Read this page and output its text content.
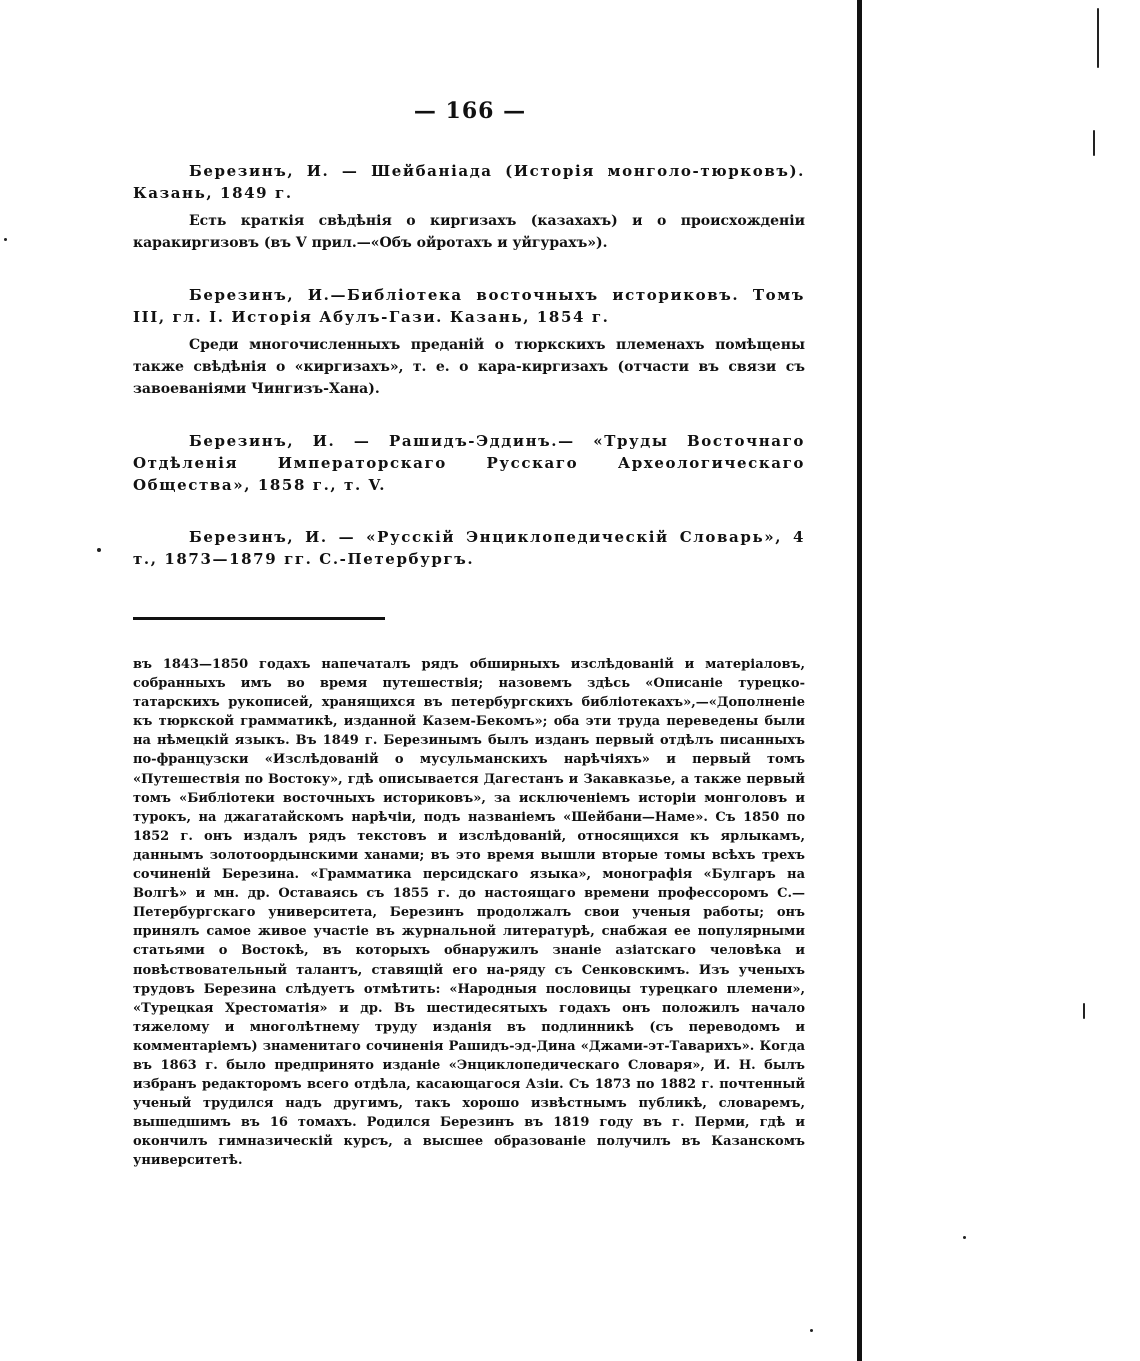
— 166 —

Березинъ, И. — Шейбаніада (Исторія монголо-тюрковъ). Казань, 1849 г.

Есть краткія свѣдѣнія о киргизахъ (казахахъ) и о происхожденіи каракиргизовъ (въ V прил.—«Объ ойротахъ и уйгурахъ»).

Березинъ, И.—Библіотека восточныхъ историковъ. Томъ III, гл. I. Исторія Абулъ-Гази. Казань, 1854 г.

Среди многочисленныхъ преданій о тюркскихъ племенахъ помѣщены также свѣдѣнія о «киргизахъ», т. е. о кара-киргизахъ (отчасти въ связи съ завоеваніями Чингизъ-Хана).

Березинъ, И. — Рашидъ-Эддинъ.— «Труды Восточнаго Отдѣленія Императорскаго Русскаго Археологическаго Общества», 1858 г., т. V.

Березинъ, И. — «Русскій Энциклопедическій Словарь», 4 т., 1873—1879 гг. С.-Петербургъ.

въ 1843—1850 годахъ напечаталъ рядъ обширныхъ изслѣдованій и матеріаловъ, собранныхъ имъ во время путешествія; назовемъ здѣсь «Описаніе турецко-татарскихъ рукописей, хранящихся въ петербургскихъ библіотекахъ»,—«Дополненіе къ тюркской грамматикѣ, изданной Казем-Бекомъ»; оба эти труда переведены были на нѣмецкій языкъ. Въ 1849 г. Березинымъ былъ изданъ первый отдѣлъ писанныхъ по-французски «Изслѣдованій о мусульманскихъ нарѣчіяхъ» и первый томъ «Путешествія по Востоку», гдѣ описывается Дагестанъ и Закавказье, а также первый томъ «Библіотеки восточныхъ историковъ», за исключеніемъ исторіи монголовъ и турокъ, на джагатайскомъ нарѣчіи, подъ названіемъ «Шейбани—Наме». Съ 1850 по 1852 г. онъ издалъ рядъ текстовъ и изслѣдованій, относящихся къ ярлыкамъ, даннымъ золотоордынскими ханами; въ это время вышли вторые томы всѣхъ трехъ сочиненій Березина. «Грамматика персидскаго языка», монографія «Булгаръ на Волгѣ» и мн. др. Оставаясь съ 1855 г. до настоящаго времени профессоромъ С.—Петербургскаго университета, Березинъ продолжалъ свои ученыя работы; онъ принялъ самое живое участіе въ журнальной литературѣ, снабжая ее популярными статьями о Востокѣ, въ которыхъ обнаружилъ знаніе азіатскаго человѣка и повѣствовательный талантъ, ставящій его на-ряду съ Сенковскимъ. Изъ ученыхъ трудовъ Березина слѣдуетъ отмѣтить: «Народныя пословицы турецкаго племени», «Турецкая Хрестоматія» и др. Въ шестидесятыхъ годахъ онъ положилъ начало тяжелому и многолѣтнему труду изданія въ подлинникѣ (съ переводомъ и комментаріемъ) знаменитаго сочиненія Рашидъ-эд-Дина «Джами-эт-Таварихъ». Когда въ 1863 г. было предпринято изданіе «Энциклопедическаго Словаря», И. Н. былъ избранъ редакторомъ всего отдѣла, касающагося Азіи. Съ 1873 по 1882 г. почтенный ученый трудился надъ другимъ, такъ хорошо извѣстнымъ публикѣ, словаремъ, вышедшимъ въ 16 томахъ. Родился Березинъ въ 1819 году въ г. Перми, гдѣ и окончилъ гимназическій курсъ, а высшее образованіе получилъ въ Казанскомъ университетѣ.
